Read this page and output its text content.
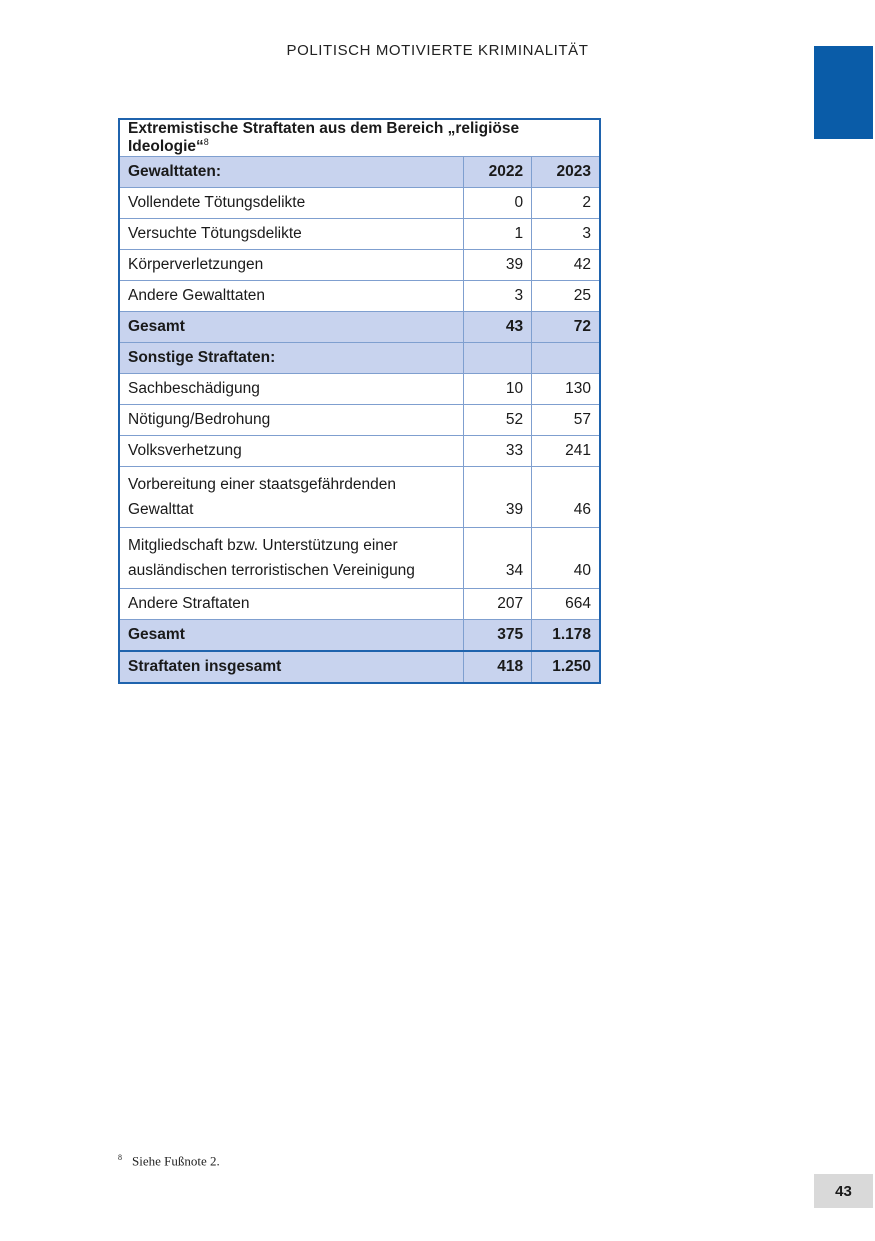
POLITISCH MOTIVIERTE KRIMINALITÄT
Extremistische Straftaten aus dem Bereich „religiöse Ideologie“$^8$
Gewalttaten:	2022	2023
Vollendete Tötungsdelikte	0	2
Versuchte Tötungsdelikte	1	3
Körperverletzungen	39	42
Andere Gewalttaten	3	25
Gesamt	43	72
Sonstige Straftaten:		
Sachbeschädigung	10	130
Nötigung/Bedrohung	52	57
Volksverhetzung	33	241
Vorbereitung einer staatsgefährdenden
Gewalttat	39	46
Mitgliedschaft bzw. Unterstützung einer
ausländischen terroristischen Vereinigung	34	40
Andere Straftaten	207	664
Gesamt	375	1.178
Straftaten insgesamt	418	1.250
$^8$ Siehe Fußnote 2.
43
